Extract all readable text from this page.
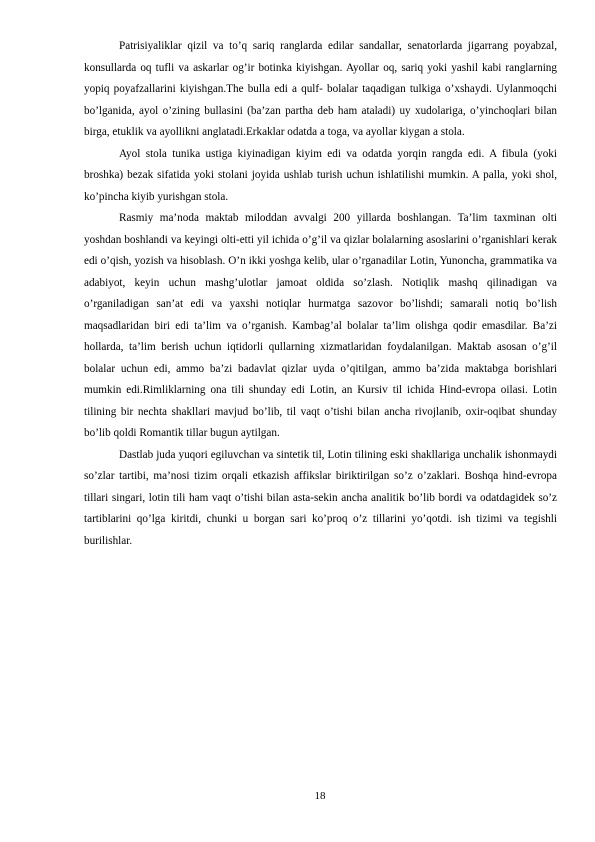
Patrisiyaliklar qizil va to’q sariq ranglarda edilar sandallar, senatorlarda jigarrang poyabzal, konsullarda oq tufli va askarlar og’ir botinka kiyishgan. Ayollar oq, sariq yoki yashil kabi ranglarning yopiq poyafzallarini kiyishgan.The bulla edi a qulf- bolalar taqadigan tulkiga o’xshaydi. Uylanmoqchi bo’lganida, ayol o’zining bullasini (ba’zan partha deb ham ataladi) uy xudolariga, o’yinchoqlari bilan birga, etuklik va ayollikni anglatadi.Erkaklar odatda a toga, va ayollar kiygan a stola.

Ayol stola tunika ustiga kiyinadigan kiyim edi va odatda yorqin rangda edi. A fibula (yoki broshka) bezak sifatida yoki stolani joyida ushlab turish uchun ishlatilishi mumkin. A palla, yoki shol, ko’pincha kiyib yurishgan stola.

Rasmiy ma’noda maktab miloddan avvalgi 200 yillarda boshlangan. Ta’lim taxminan olti yoshdan boshlandi va keyingi olti-etti yil ichida o’g’il va qizlar bolalarning asoslarini o’rganishlari kerak edi o’qish, yozish va hisoblash. O’n ikki yoshga kelib, ular o’rganadilar Lotin, Yunoncha, grammatika va adabiyot, keyin uchun mashg’ulotlar jamoat oldida so’zlash. Notiqlik mashq qilinadigan va o’rganiladigan san’at edi va yaxshi notiqlar hurmatga sazovor bo’lishdi; samarali notiq bo’lish maqsadlaridan biri edi ta’lim va o’rganish. Kambag’al bolalar ta’lim olishga qodir emasdilar. Ba’zi hollarda, ta’lim berish uchun iqtidorli qullarning xizmatlaridan foydalanilgan. Maktab asosan o’g’il bolalar uchun edi, ammo ba’zi badavlat qizlar uyda o’qitilgan, ammo ba’zida maktabga borishlari mumkin edi.Rimliklarning ona tili shunday edi Lotin, an Kursiv til ichida Hind-evropa oilasi. Lotin tilining bir nechta shakllari mavjud bo’lib, til vaqt o’tishi bilan ancha rivojlanib, oxir-oqibat shunday bo’lib qoldi Romantik tillar bugun aytilgan.

Dastlab juda yuqori egiluvchan va sintetik til, Lotin tilining eski shakllariga unchalik ishonmaydi so’zlar tartibi, ma’nosi tizim orqali etkazish affikslar biriktirilgan so’z o’zaklari. Boshqa hind-evropa tillari singari, lotin tili ham vaqt o’tishi bilan asta-sekin ancha analitik bo’lib bordi va odatdagidek so’z tartiblarini qo’lga kiritdi, chunki u borgan sari ko’proq o’z tillarini yo’qotdi. ish tizimi va tegishli burilishlar.

18
